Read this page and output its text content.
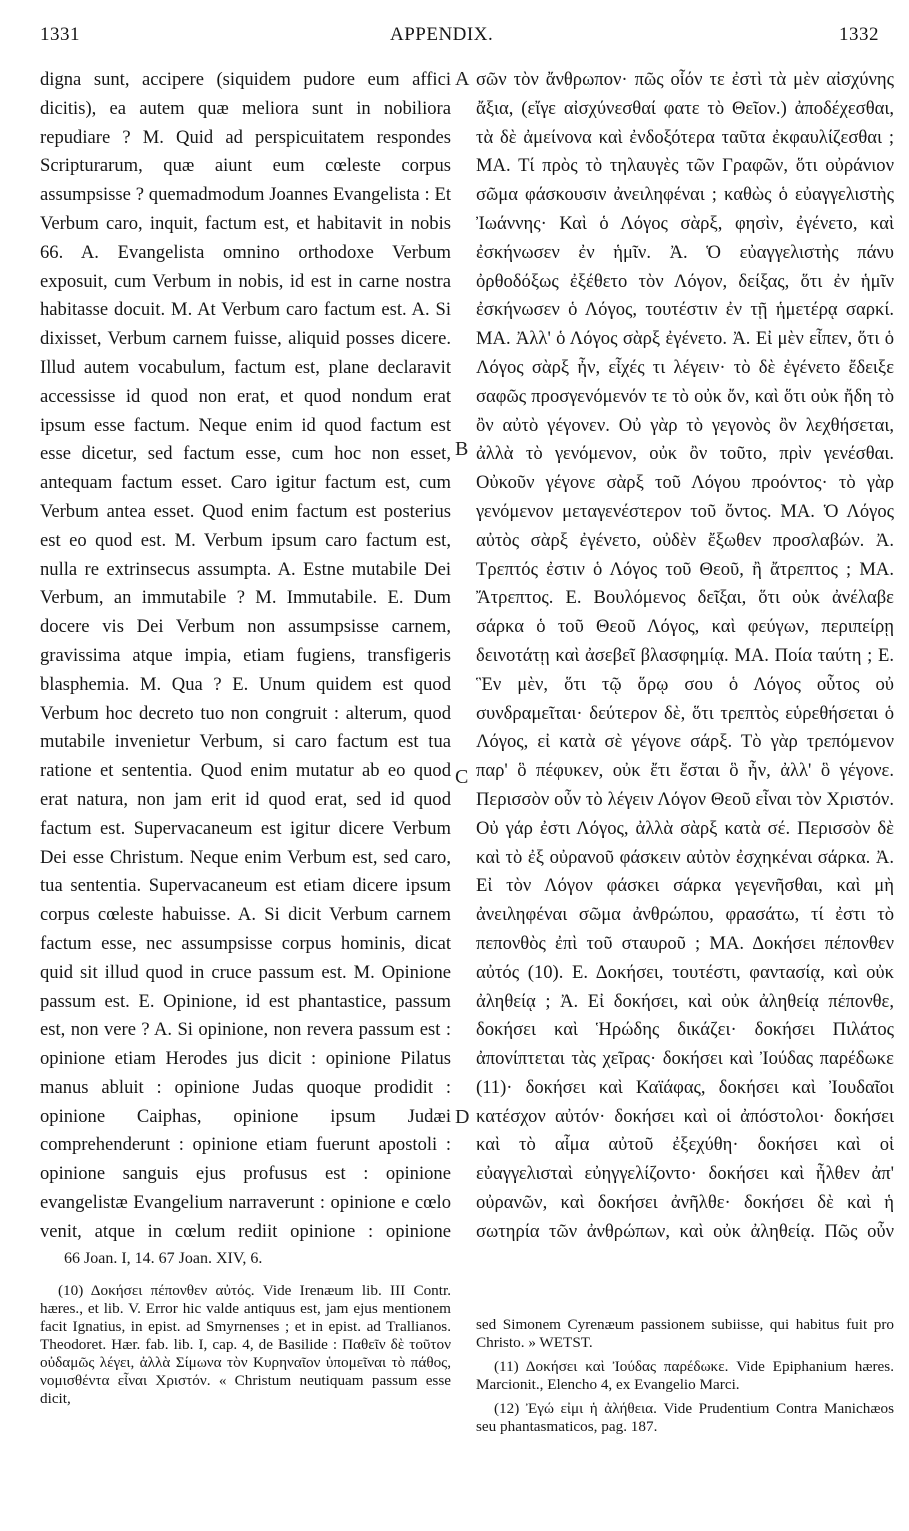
1331	APPENDIX.	1332

digna sunt, accipere (siquidem pudore eum affici dicitis), ea autem quæ meliora sunt in nobiliora repudiare ? M. Quid ad perspicuitatem respondes Scripturarum, quæ aiunt eum cœleste corpus assumpsisse ? quemadmodum Joannes Evangelista : Et Verbum caro, inquit, factum est, et habitavit in nobis 66. A. Evangelista omnino orthodoxe Verbum exposuit, cum Verbum in nobis, id est in carne nostra habitasse docuit. M. At Verbum caro factum est. A. Si dixisset, Verbum carnem fuisse, aliquid posses dicere. Illud autem vocabulum, factum est, plane declaravit accessisse id quod non erat, et quod nondum erat ipsum esse factum. Neque enim id quod factum est esse dicetur, sed factum esse, cum hoc non esset, antequam factum esset. Caro igitur factum est, cum Verbum antea esset. Quod enim factum est posterius est eo quod est. M. Verbum ipsum caro factum est, nulla re extrinsecus assumpta. A. Estne mutabile Dei Verbum, an immutabile ? M. Immutabile. E. Dum docere vis Dei Verbum non assumpsisse carnem, gravissima atque impia, etiam fugiens, transfigeris blasphemia. M. Qua ? E. Unum quidem est quod Verbum hoc decreto tuo non congruit : alterum, quod mutabile invenietur Verbum, si caro factum est tua ratione et sententia. Quod enim mutatur ab eo quod erat natura, non jam erit id quod erat, sed id quod factum est. Supervacaneum est igitur dicere Verbum Dei esse Christum. Neque enim Verbum est, sed caro, tua sententia. Supervacaneum est etiam dicere ipsum corpus cœleste habuisse. A. Si dicit Verbum carnem factum esse, nec assumpsisse corpus hominis, dicat quid sit illud quod in cruce passum est. M. Opinione passum est. E. Opinione, id est phantastice, passum est, non vere ? A. Si opinione, non revera passum est : opinione etiam Herodes jus dicit : opinione Pilatus manus abluit : opinione Judas quoque prodidit : opinione Caiphas, opinione ipsum Judæi comprehenderunt : opinione etiam fuerunt apostoli : opinione sanguis ejus profusus est : opinione evangelistæ Evangelium narraverunt : opinione e cœlo venit, atque in cœlum rediit opinione : opinione

A
B
C
D

σῶν τὸν ἄνθρωπον· πῶς οἷόν τε ἐστὶ τὰ μὲν αἰσχύνης ἄξια, (εἴγε αἰσχύνεσθαί φατε τὸ Θεῖον.) ἀποδέχεσθαι, τὰ δὲ ἀμείνονα καὶ ἐνδοξότερα ταῦτα ἐκφαυλίζεσθαι ; ΜΑ. Τί πρὸς τὸ τηλαυγὲς τῶν Γραφῶν, ὅτι οὐράνιον σῶμα φάσκουσιν ἀνειληφέναι ; καθὼς ὁ εὐαγγελιστὴς Ἰωάννης· Καὶ ὁ Λόγος σὰρξ, φησὶν, ἐγένετο, καὶ ἐσκήνωσεν ἐν ἡμῖν. Ἀ. Ὁ εὐαγγελιστὴς πάνυ ὀρθοδόξως ἐξέθετο τὸν Λόγον, δείξας, ὅτι ἐν ἡμῖν ἐσκήνωσεν ὁ Λόγος, τουτέστιν ἐν τῇ ἡμετέρᾳ σαρκί. ΜΑ. Ἀλλ' ὁ Λόγος σὰρξ ἐγένετο. Ἀ. Εἰ μὲν εἶπεν, ὅτι ὁ Λόγος σὰρξ ἦν, εἶχές τι λέγειν· τὸ δὲ ἐγένετο ἔδειξε σαφῶς προσγενόμενόν τε τὸ οὐκ ὄν, καὶ ὅτι οὐκ ἤδη τὸ ὂν αὐτὸ γέγονεν. Οὐ γὰρ τὸ γεγονὸς ὂν λεχθήσεται, ἀλλὰ τὸ γενόμενον, οὐκ ὂν τοῦτο, πρὶν γενέσθαι. Οὐκοῦν γέγονε σὰρξ τοῦ Λόγου προόντος· τὸ γὰρ γενόμενον μεταγενέστερον τοῦ ὄντος. ΜΑ. Ὁ Λόγος αὐτὸς σὰρξ ἐγένετο, οὐδὲν ἔξωθεν προσλαβών. Ἀ. Τρεπτός ἐστιν ὁ Λόγος τοῦ Θεοῦ, ἢ ἄτρεπτος ; ΜΑ. Ἄτρεπτος. Ε. Βουλόμενος δεῖξαι, ὅτι οὐκ ἀνέλαβε σάρκα ὁ τοῦ Θεοῦ Λόγος, καὶ φεύγων, περιπείρῃ δεινοτάτῃ καὶ ἀσεβεῖ βλασφημίᾳ. ΜΑ. Ποία ταύτη ; Ε. Ἓν μὲν, ὅτι τῷ ὅρῳ σου ὁ Λόγος οὗτος οὐ συνδραμεῖται· δεύτερον δὲ, ὅτι τρεπτὸς εὑρεθήσεται ὁ Λόγος, εἰ κατὰ σὲ γέγονε σάρξ. Τὸ γὰρ τρεπόμενον παρ' ὃ πέφυκεν, οὐκ ἔτι ἔσται ὃ ἦν, ἀλλ' ὃ γέγονε. Περισσὸν οὖν τὸ λέγειν Λόγον Θεοῦ εἶναι τὸν Χριστόν. Οὐ γάρ ἐστι Λόγος, ἀλλὰ σὰρξ κατὰ σέ. Περισσὸν δὲ καὶ τὸ ἐξ οὐρανοῦ φάσκειν αὐτὸν ἐσχηκέναι σάρκα. Ἀ. Εἰ τὸν Λόγον φάσκει σάρκα γεγενῆσθαι, καὶ μὴ ἀνειληφέναι σῶμα ἀνθρώπου, φρασάτω, τί ἐστι τὸ πεπονθὸς ἐπὶ τοῦ σταυροῦ ; ΜΑ. Δοκήσει πέπονθεν αὐτός (10). Ε. Δοκήσει, τουτέστι, φαντασίᾳ, καὶ οὐκ ἀληθείᾳ ; Ἀ. Εἰ δοκήσει, καὶ οὐκ ἀληθείᾳ πέπονθε, δοκήσει καὶ Ἡρώδης δικάζει· δοκήσει Πιλάτος ἀπονίπτεται τὰς χεῖρας· δοκήσει καὶ Ἰούδας παρέδωκε (11)· δοκήσει καὶ Καϊάφας, δοκήσει καὶ Ἰουδαῖοι κατέσχον αὐτόν· δοκήσει καὶ οἱ ἀπόστολοι· δοκήσει καὶ τὸ αἷμα αὐτοῦ ἐξεχύθη· δοκήσει καὶ οἱ εὐαγγελισταὶ εὐηγγελίζοντο· δοκήσει καὶ ἦλθεν ἀπ' οὐρανῶν, καὶ δοκήσει ἀνῆλθε· δοκήσει δὲ καὶ ἡ σωτηρία τῶν ἀνθρώπων, καὶ οὐκ ἀληθείᾳ. Πῶς οὖν

66 Joan. I, 14. 67 Joan. XIV, 6.

(10) Δοκήσει πέπονθεν αὐτός. Vide Irenæum lib. III Contr. hæres., et lib. V. Error hic valde antiquus est, jam ejus mentionem facit Ignatius, in epist. ad Smyrnenses ; et in epist. ad Trallianos. Theodoret. Hær. fab. lib. I, cap. 4, de Basilide : Παθεῖν δὲ τοῦτον οὐδαμῶς λέγει, ἀλλὰ Σίμωνα τὸν Κυρηναῖον ὑπομεῖναι τὸ πάθος, νομισθέντα εἶναι Χριστόν. « Christum neutiquam passum esse dicit,

sed Simonem Cyrenæum passionem subiisse, qui habitus fuit pro Christo. » WETST.

(11) Δοκήσει καὶ Ἰούδας παρέδωκε. Vide Epiphanium hæres. Marcionit., Elencho 4, ex Evangelio Marci.

(12) Ἐγώ εἰμι ἡ ἀλήθεια. Vide Prudentium Contra Manichæos seu phantasmaticos, pag. 187.
